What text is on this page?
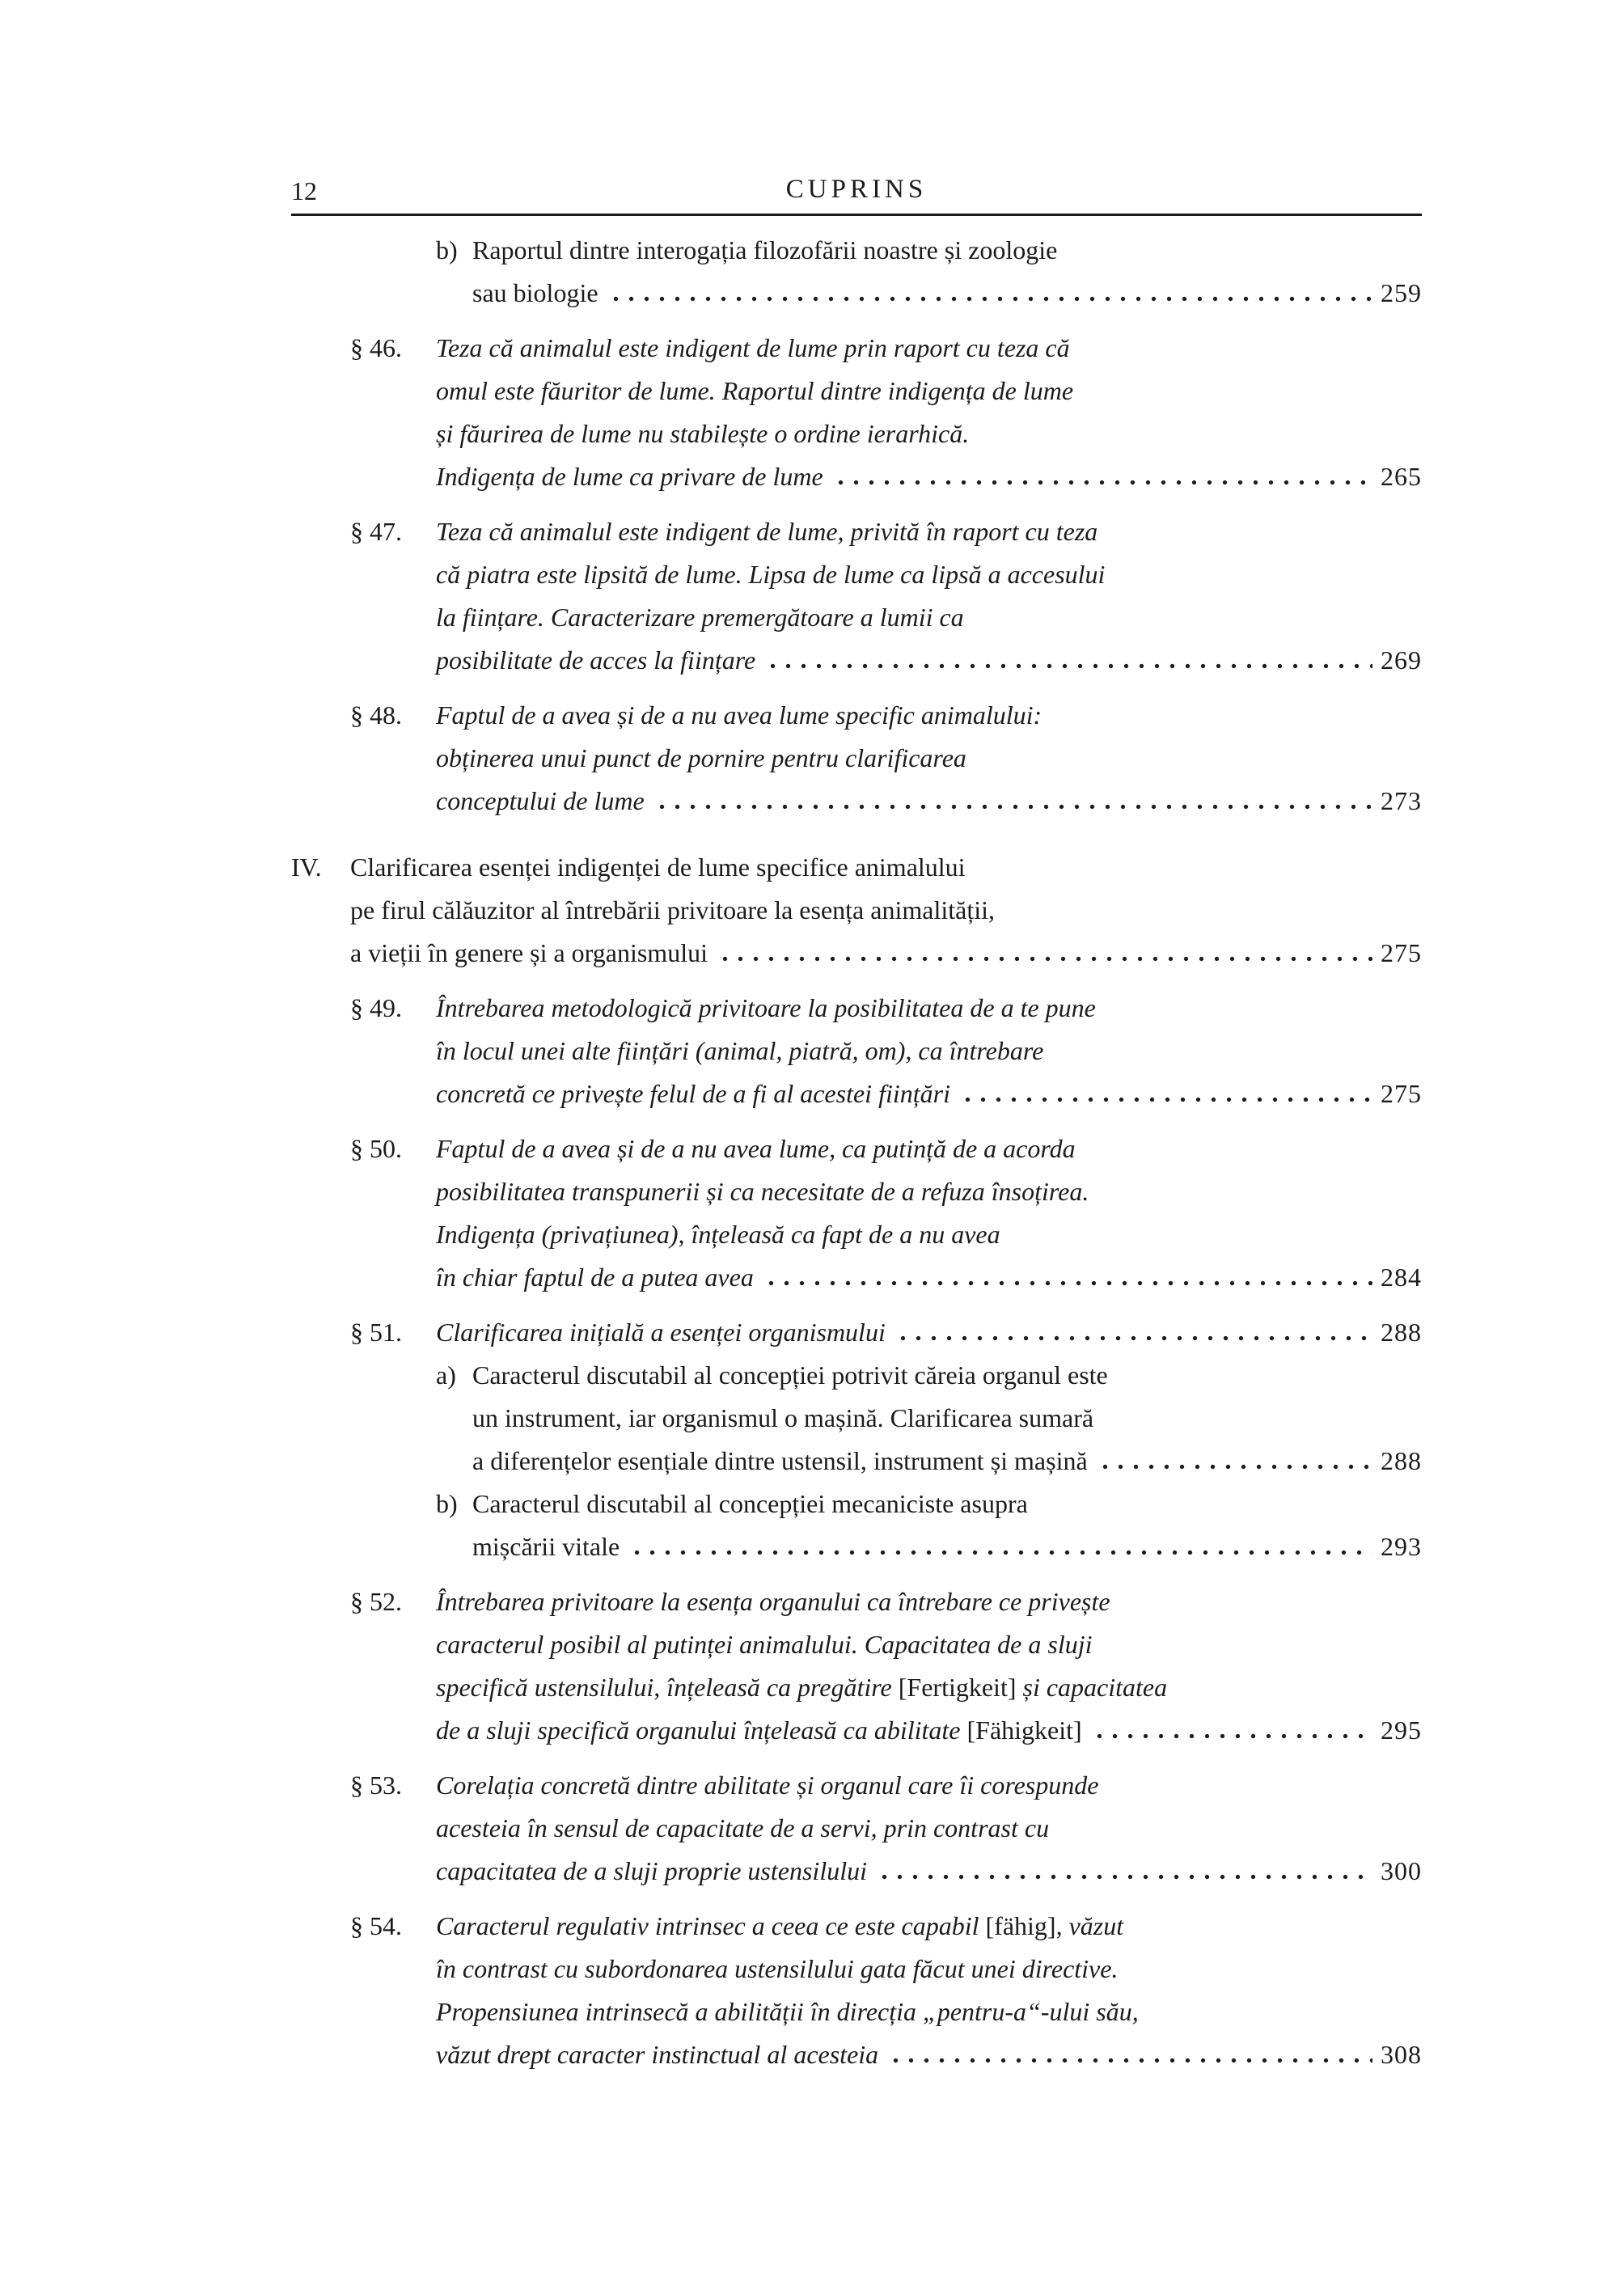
12	CUPRINS
b) Raportul dintre interogația filozofării noastre și zoologie
sau biologie	259
§ 46. Teza că animalul este indigent de lume prin raport cu teza că
omul este făuritor de lume. Raportul dintre indigența de lume
și făurirea de lume nu stabilește o ordine ierarhică.
Indigența de lume ca privare de lume	265
§ 47. Teza că animalul este indigent de lume, privită în raport cu teza
că piatra este lipsită de lume. Lipsa de lume ca lipsă a accesului
la ființare. Caracterizare premergătoare a lumii ca
posibilitate de acces la ființare	269
§ 48. Faptul de a avea și de a nu avea lume specific animalului:
obținerea unui punct de pornire pentru clarificarea
conceptului de lume	273
IV. Clarificarea esenței indigenței de lume specifice animalului
pe firul călăuzitor al întrebării privitoare la esența animalității,
a vieții în genere și a organismului	275
§ 49. Întrebarea metodologică privitoare la posibilitatea de a te pune
în locul unei alte ființări (animal, piatră, om), ca întrebare
concretă ce privește felul de a fi al acestei ființări	275
§ 50. Faptul de a avea și de a nu avea lume, ca putință de a acorda
posibilitatea transpunerii și ca necesitate de a refuza însoțirea.
Indigența (privațiunea), înțeleasă ca fapt de a nu avea
în chiar faptul de a putea avea	284
§ 51.	Clarificarea inițială a esenței organismului	288
a) Caracterul discutabil al concepției potrivit căreia organul este
un instrument, iar organismul o mașină. Clarificarea sumară
a diferențelor esențiale dintre ustensil, instrument și mașină	288
b) Caracterul discutabil al concepției mecaniciste asupra
mișcării vitale	293
§ 52. Întrebarea privitoare la esența organului ca întrebare ce privește
caracterul posibil al putinței animalului. Capacitatea de a sluji
specifică ustensilului, înțeleasă ca pregătire [Fertigkeit] și capacitatea
de a sluji specifică organului înțeleasă ca abilitate [Fähigkeit]	295
§ 53. Corelația concretă dintre abilitate și organul care îi corespunde
acesteia în sensul de capacitate de a servi, prin contrast cu
capacitatea de a sluji proprie ustensilului	300
§ 54. Caracterul regulativ intrinsec a ceea ce este capabil [fähig], văzut
în contrast cu subordonarea ustensilului gata făcut unei directive.
Propensiunea intrinsecă a abilității în direcția „pentru-a“-ului său,
văzut drept caracter instinctual al acesteia	308
